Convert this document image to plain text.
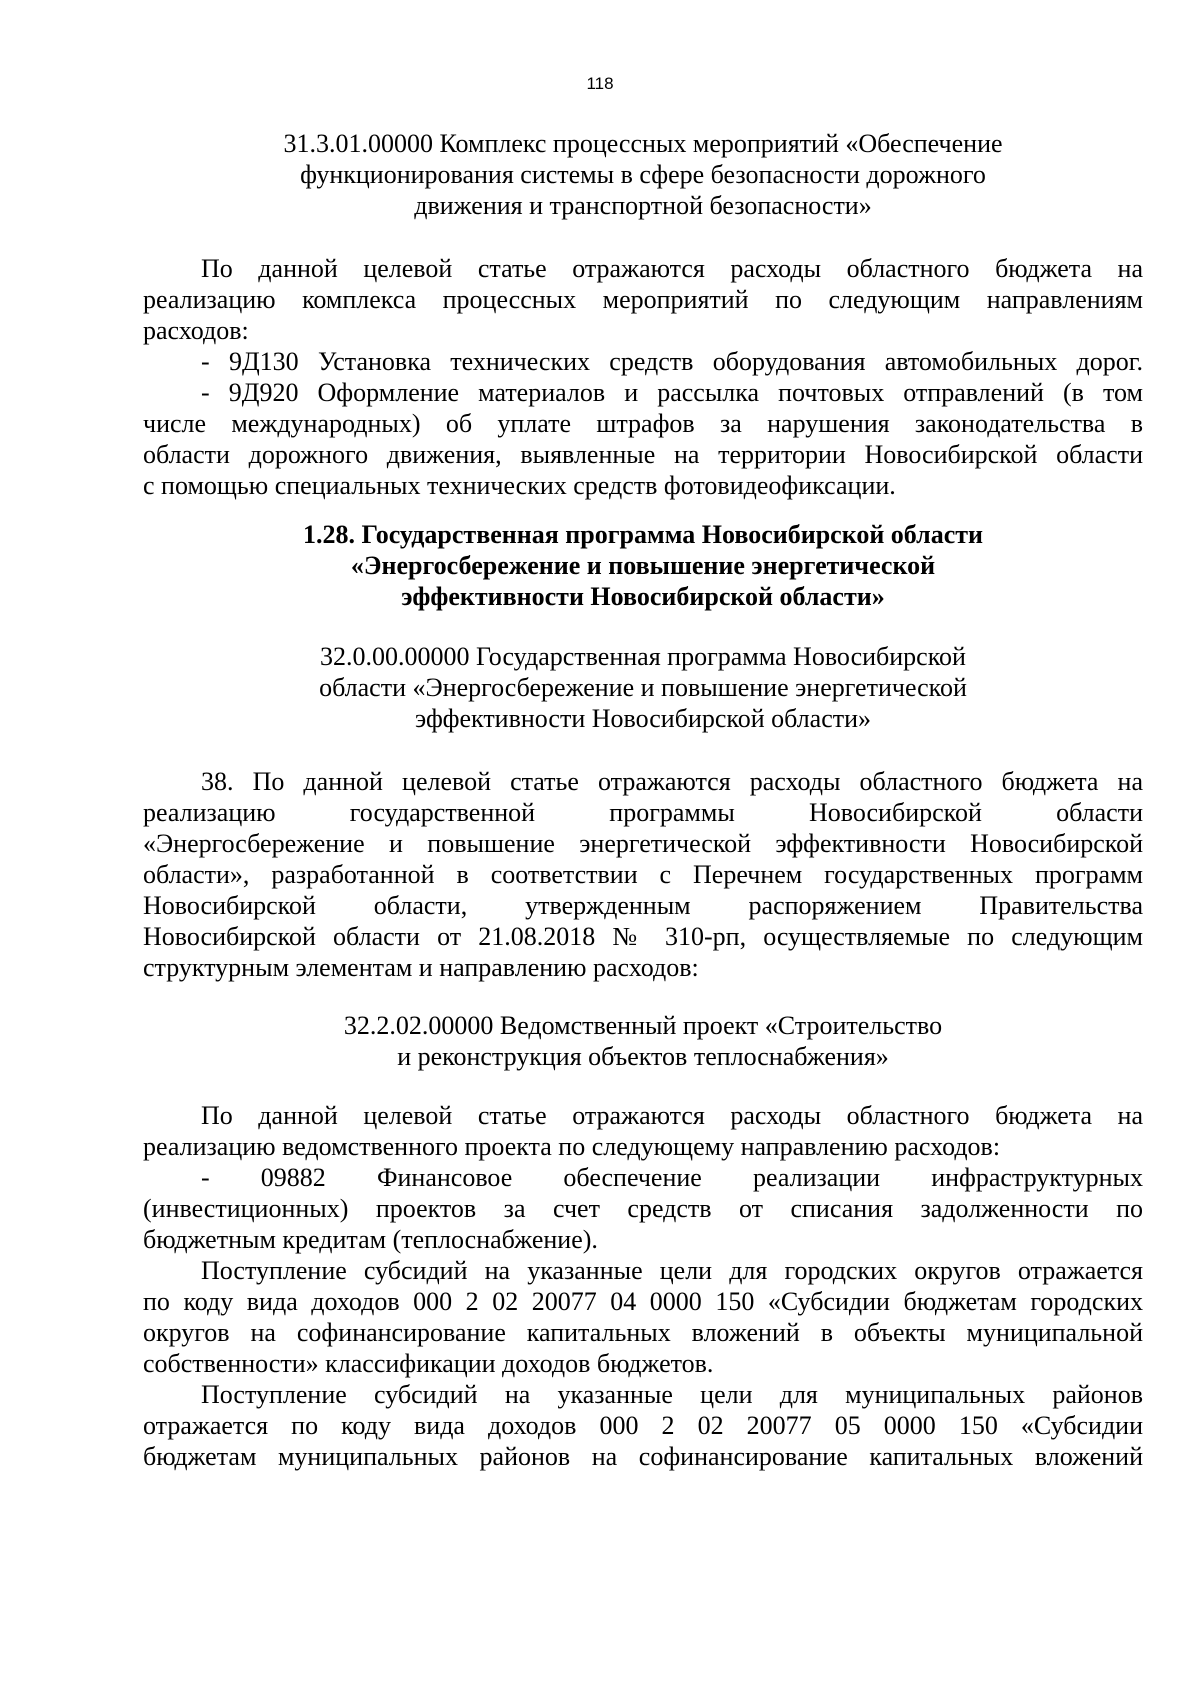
118
31.3.01.00000 Комплекс процессных мероприятий «Обеспечение
функционирования системы в сфере безопасности дорожного
движения и транспортной безопасности»
По данной целевой статье отражаются расходы областного бюджета на
реализацию комплекса процессных мероприятий по следующим направлениям
расходов:
- 9Д130 Установка технических средств оборудования автомобильных дорог.
- 9Д920 Оформление материалов и рассылка почтовых отправлений (в том
числе международных) об уплате штрафов за нарушения законодательства в
области дорожного движения, выявленные на территории Новосибирской области
с помощью специальных технических средств фотовидеофиксации.
1.28. Государственная программа Новосибирской области
«Энергосбережение и повышение энергетической
эффективности Новосибирской области»
32.0.00.00000 Государственная программа Новосибирской
области «Энергосбережение и повышение энергетической
эффективности Новосибирской области»
38. По данной целевой статье отражаются расходы областного бюджета на
реализацию государственной программы Новосибирской области
«Энергосбережение и повышение энергетической эффективности Новосибирской
области», разработанной в соответствии с Перечнем государственных программ
Новосибирской области, утвержденным распоряжением Правительства
Новосибирской области от 21.08.2018 № 310-рп, осуществляемые по следующим
структурным элементам и направлению расходов:
32.2.02.00000 Ведомственный проект «Строительство
и реконструкция объектов теплоснабжения»
По данной целевой статье отражаются расходы областного бюджета на
реализацию ведомственного проекта по следующему направлению расходов:
- 09882 Финансовое обеспечение реализации инфраструктурных
(инвестиционных) проектов за счет средств от списания задолженности по
бюджетным кредитам (теплоснабжение).
Поступление субсидий на указанные цели для городских округов отражается
по коду вида доходов 000 2 02 20077 04 0000 150 «Субсидии бюджетам городских
округов на софинансирование капитальных вложений в объекты муниципальной
собственности» классификации доходов бюджетов.
Поступление субсидий на указанные цели для муниципальных районов
отражается по коду вида доходов 000 2 02 20077 05 0000 150 «Субсидии
бюджетам муниципальных районов на софинансирование капитальных вложений
